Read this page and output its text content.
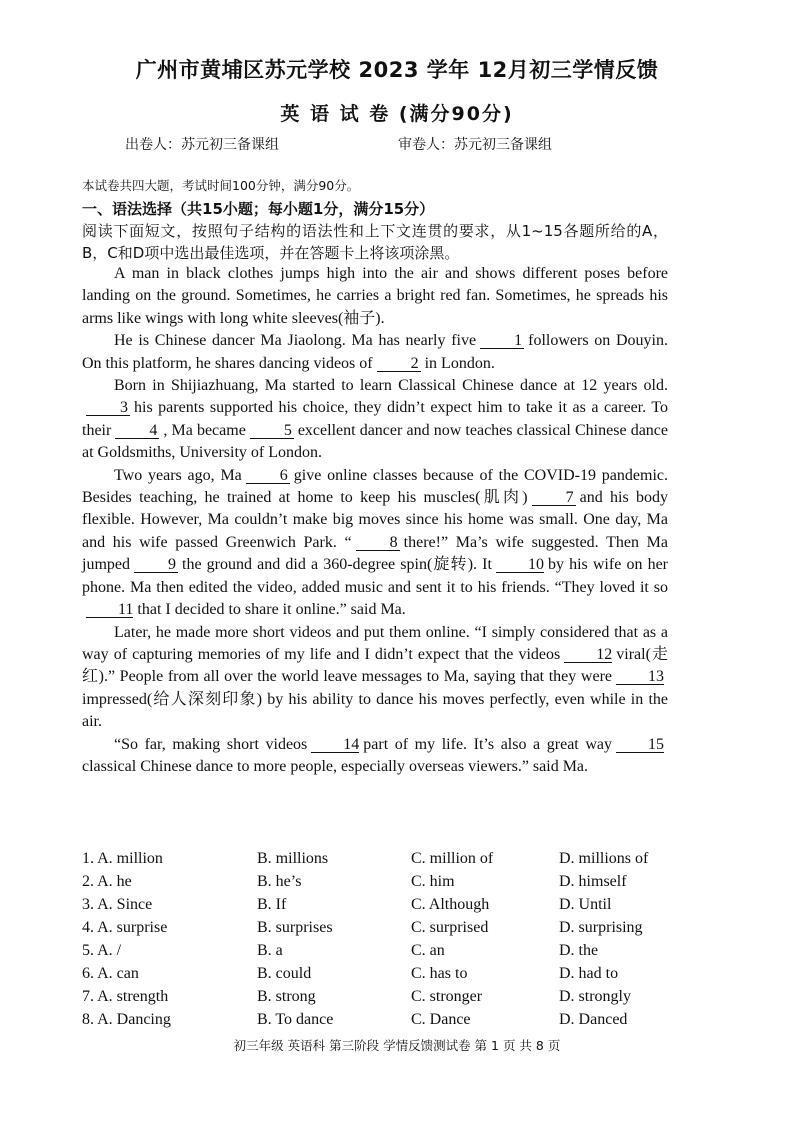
广州市黄埔区苏元学校 2023 学年 12月初三学情反馈
英 语 试 卷 (满分90分)
出卷人：苏元初三备课组	审卷人：苏元初三备课组
本试卷共四大题，考试时间100分钟，满分90分。
一、语法选择（共15小题；每小题1分，满分15分）
阅读下面短文，按照句子结构的语法性和上下文连贯的要求，从1~15各题所给的A，B，C和D项中选出最佳选项，并在答题卡上将该项涂黑。

A man in black clothes jumps high into the air and shows different poses before landing on the ground. Sometimes, he carries a bright red fan. Sometimes, he spreads his arms like wings with long white sleeves(袖子).

He is Chinese dancer Ma Jiaolong. Ma has nearly five 1 followers on Douyin. On this platform, he shares dancing videos of 2 in London.

Born in Shijiazhuang, Ma started to learn Classical Chinese dance at 12 years old.3 his parents supported his choice, they didn’t expect him to take it as a career. To their 4 , Ma became 5 excellent dancer and now teaches classical Chinese dance at Goldsmiths, University of London.

Two years ago, Ma 6 give online classes because of the COVID-19 pandemic. Besides teaching, he trained at home to keep his muscles(肌肉) 7 and his body flexible. However, Ma couldn’t make big moves since his home was small. One day, Ma and his wife passed Greenwich Park. “ 8 there!” Ma’s wife suggested. Then Ma jumped 9 the ground and did a 360-degree spin(旋转). It 10 by his wife on her phone. Ma then edited the video, added music and sent it to his friends. “They loved it so11 that I decided to share it online.” said Ma.

Later, he made more short videos and put them online. “I simply considered that as a way of capturing memories of my life and I didn’t expect that the videos 12 viral(走红).” People from all over the world leave messages to Ma, saying that they were 13impressed(给人深刻印象) by his ability to dance his moves perfectly, even while in the air.

“So far, making short videos 14 part of my life. It’s also a great way 15classical Chinese dance to more people, especially overseas viewers.” said Ma.

1. A. million	B. millions	C. million of	D. millions of
2. A. he	B. he’s	C. him	D. himself
3. A. Since	B. If	C. Although	D. Until
4. A. surprise	B. surprises	C. surprised	D. surprising
5. A. /	B. a	C. an	D. the
6. A. can	B. could	C. has to	D. had to
7. A. strength	B. strong	C. stronger	D. strongly
8. A. Dancing	B. To dance	C. Dance	D. Danced
初三年级 英语科 第三阶段 学情反馈测试卷 第 1 页 共 8 页
